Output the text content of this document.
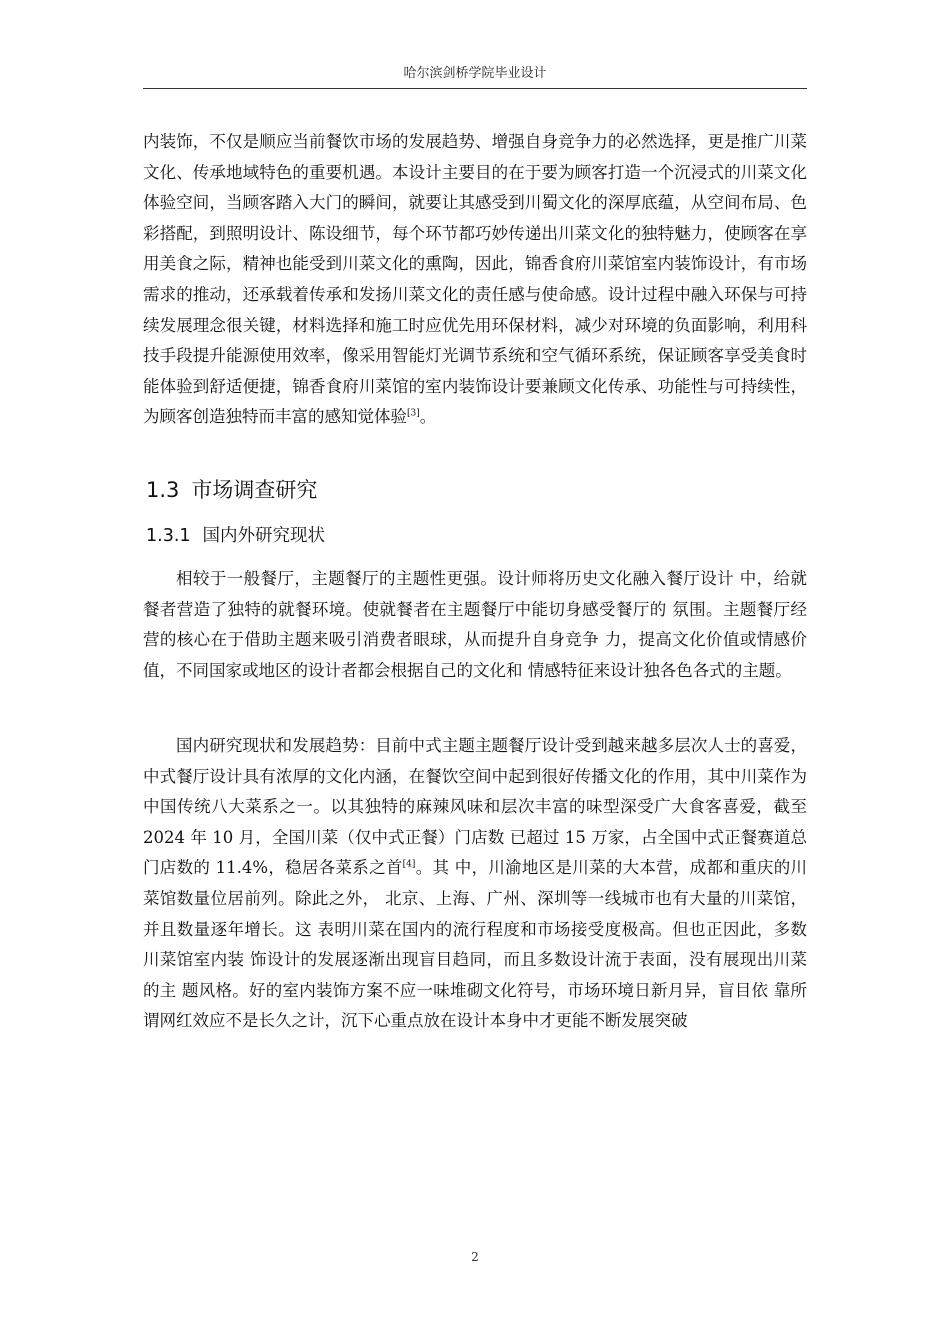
哈尔滨剑桥学院毕业设计

内装饰，不仅是顺应当前餐饮市场的发展趋势、增强自身竞争力的必然选择，更是推广川菜文化、传承地域特色的重要机遇。本设计主要目的在于要为顾客打造一个沉浸式的川菜文化体验空间，当顾客踏入大门的瞬间，就要让其感受到川蜀文化的深厚底蕴，从空间布局、色彩搭配，到照明设计、陈设细节，每个环节都巧妙传递出川菜文化的独特魅力，使顾客在享用美食之际，精神也能受到川菜文化的熏陶，因此，锦香食府川菜馆室内装饰设计，有市场需求的推动，还承载着传承和发扬川菜文化的责任感与使命感。设计过程中融入环保与可持续发展理念很关键，材料选择和施工时应优先用环保材料，减少对环境的负面影响，利用科技手段提升能源使用效率，像采用智能灯光调节系统和空气循环系统，保证顾客享受美食时能体验到舒适便捷，锦香食府川菜馆的室内装饰设计要兼顾文化传承、功能性与可持续性，为顾客创造独特而丰富的感知觉体验[3]。

1.3 市场调查研究
1.3.1 国内外研究现状

相较于一般餐厅，主题餐厅的主题性更强。设计师将历史文化融入餐厅设计 中，给就餐者营造了独特的就餐环境。使就餐者在主题餐厅中能切身感受餐厅的 氛围。主题餐厅经营的核心在于借助主题来吸引消费者眼球，从而提升自身竞争 力，提高文化价值或情感价值，不同国家或地区的设计者都会根据自己的文化和 情感特征来设计独各色各式的主题。

国内研究现状和发展趋势：目前中式主题主题餐厅设计受到越来越多层次人士的喜爱，中式餐厅设计具有浓厚的文化内涵，在餐饮空间中起到很好传播文化的作用，其中川菜作为中国传统八大菜系之一。以其独特的麻辣风味和层次丰富的味型深受广大食客喜爱，截至 2024 年 10 月，全国川菜（仅中式正餐）门店数 已超过 15 万家，占全国中式正餐赛道总门店数的 11.4%，稳居各菜系之首[4]。其 中，川渝地区是川菜的大本营，成都和重庆的川菜馆数量位居前列。除此之外， 北京、上海、广州、深圳等一线城市也有大量的川菜馆，并且数量逐年增长。这 表明川菜在国内的流行程度和市场接受度极高。但也正因此，多数川菜馆室内装 饰设计的发展逐渐出现盲目趋同，而且多数设计流于表面，没有展现出川菜的主 题风格。好的室内装饰方案不应一味堆砌文化符号，市场环境日新月异，盲目依 靠所谓网红效应不是长久之计，沉下心重点放在设计本身中才更能不断发展突破

2
